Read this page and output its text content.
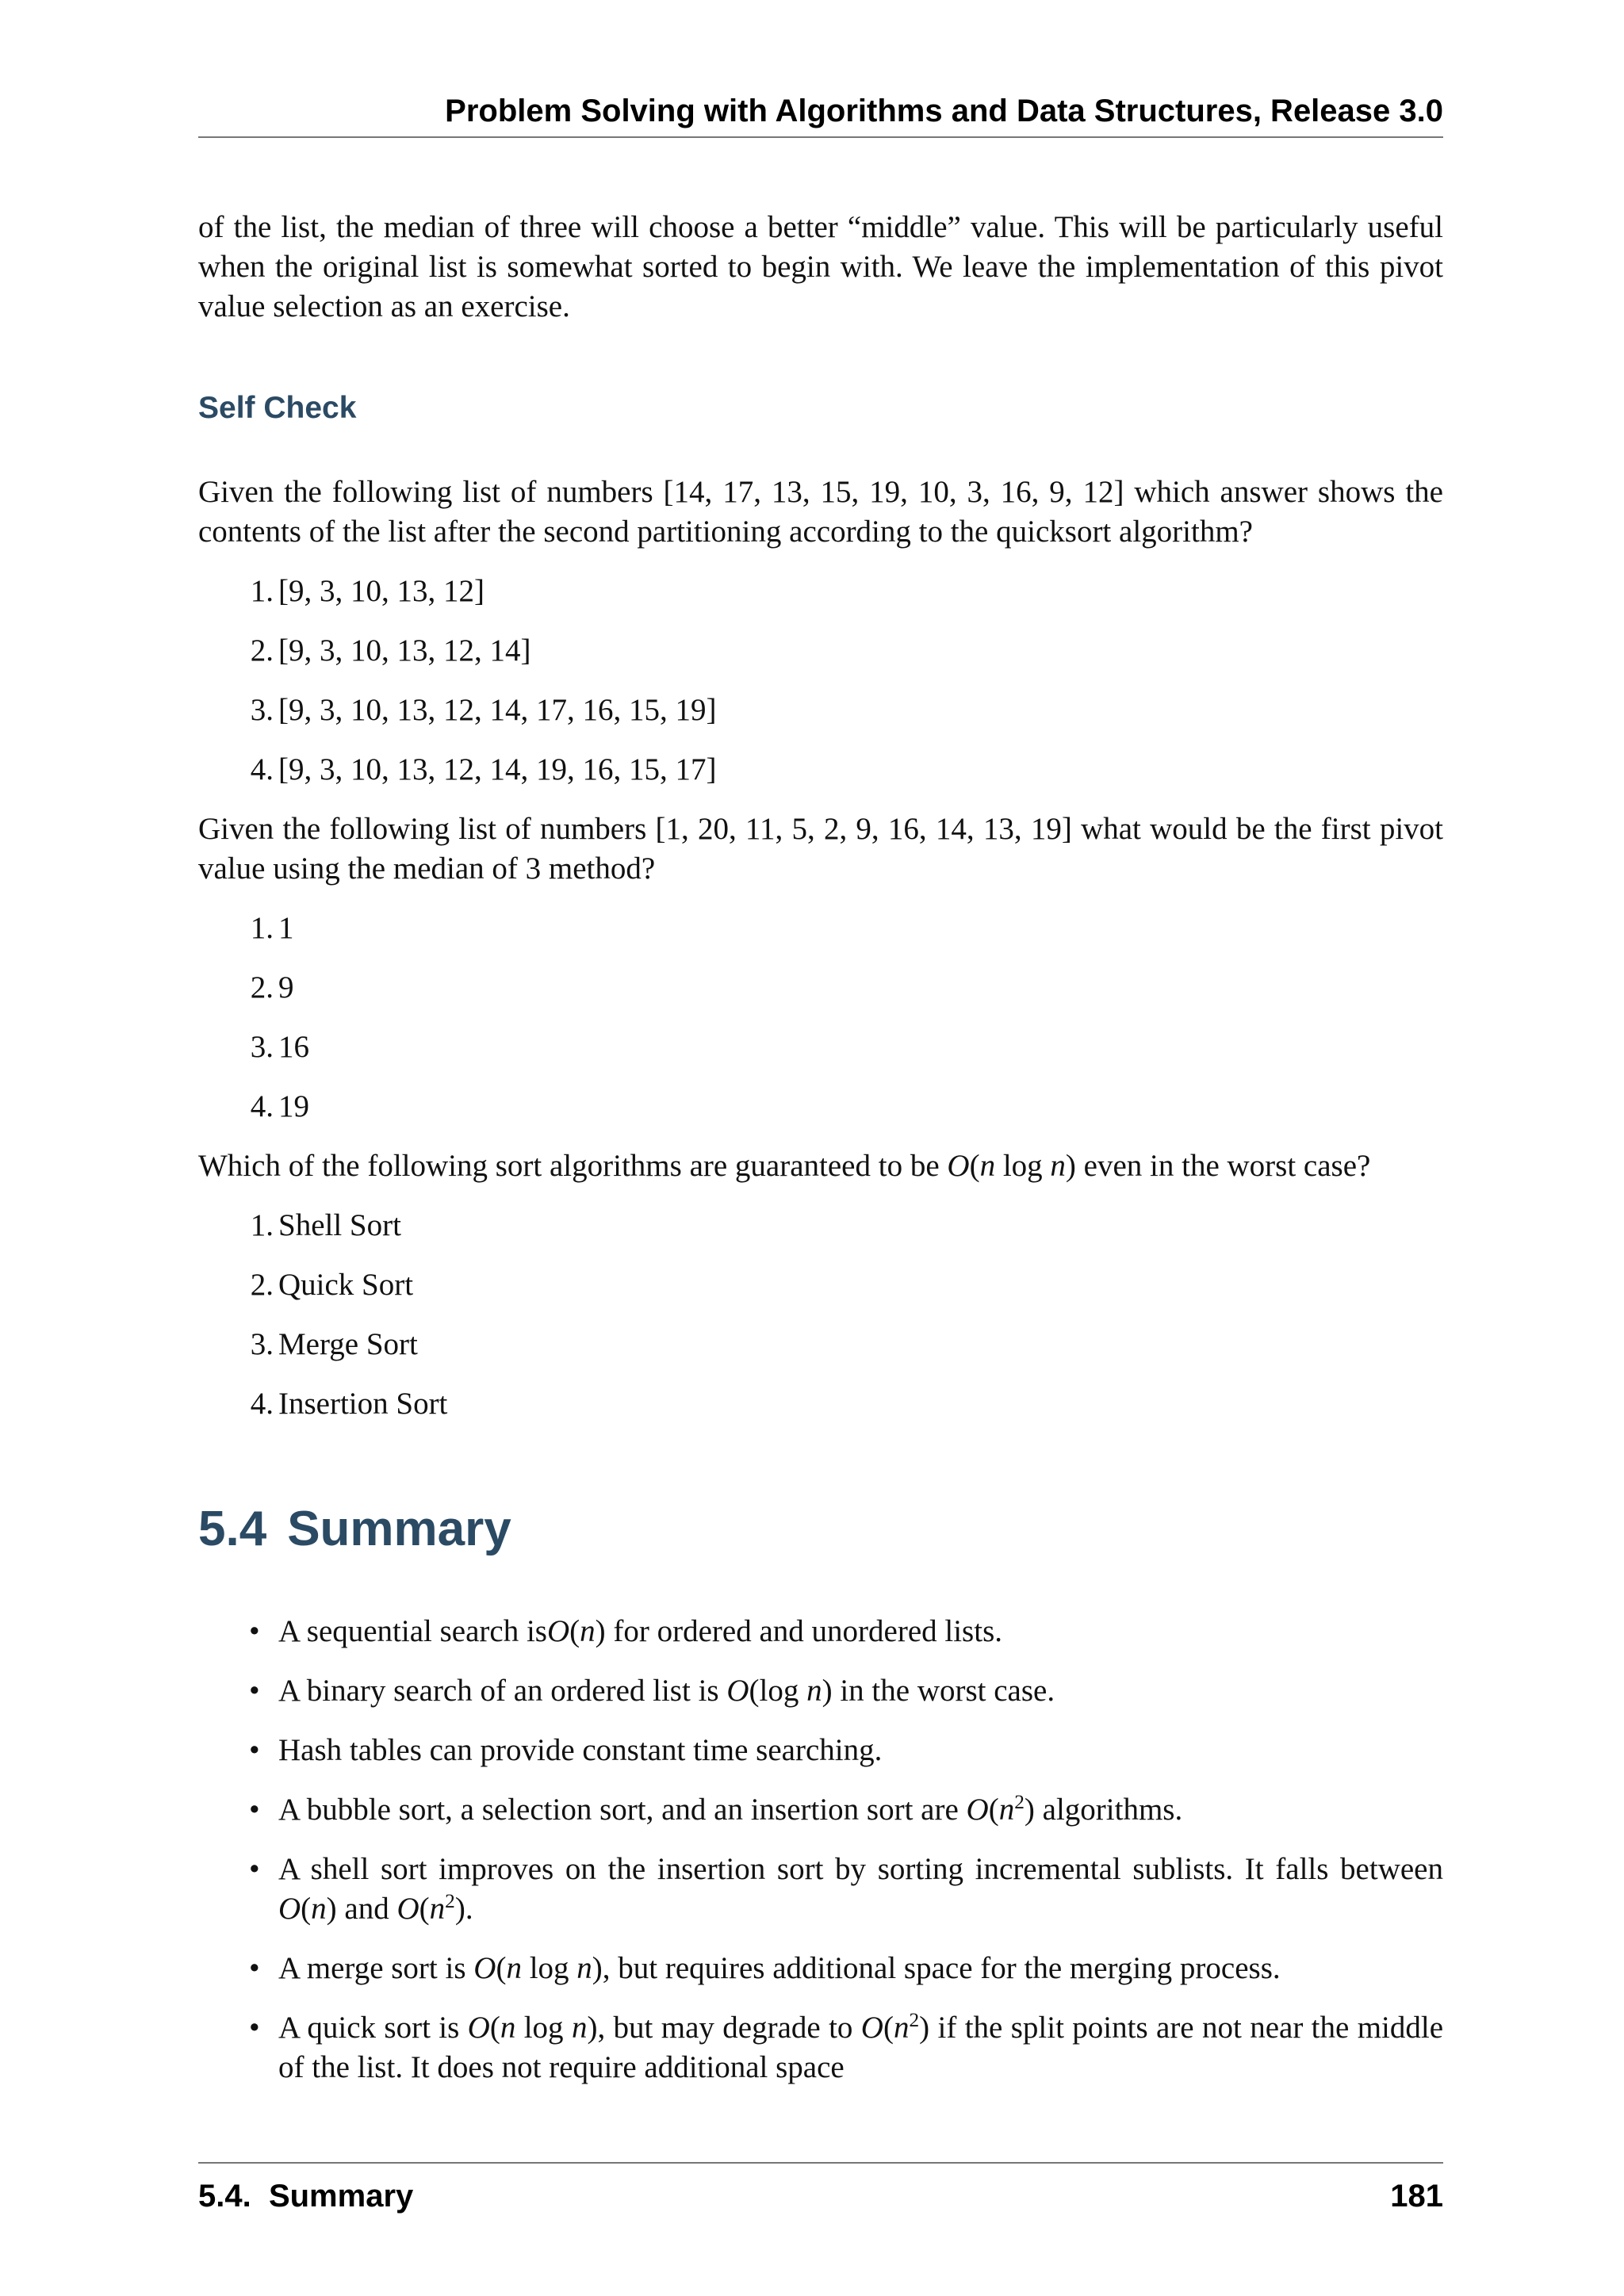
Problem Solving with Algorithms and Data Structures, Release 3.0

of the list, the median of three will choose a better “middle” value. This will be particularly useful when the original list is somewhat sorted to begin with. We leave the implementation of this pivot value selection as an exercise.

Self Check

Given the following list of numbers [14, 17, 13, 15, 19, 10, 3, 16, 9, 12] which answer shows the contents of the list after the second partitioning according to the quicksort algorithm?

1. [9, 3, 10, 13, 12]
2. [9, 3, 10, 13, 12, 14]
3. [9, 3, 10, 13, 12, 14, 17, 16, 15, 19]
4. [9, 3, 10, 13, 12, 14, 19, 16, 15, 17]

Given the following list of numbers [1, 20, 11, 5, 2, 9, 16, 14, 13, 19] what would be the first pivot value using the median of 3 method?

1. 1
2. 9
3. 16
4. 19

Which of the following sort algorithms are guaranteed to be O(n log n) even in the worst case?

1. Shell Sort
2. Quick Sort
3. Merge Sort
4. Insertion Sort
5.4 Summary
• A sequential search isO(n) for ordered and unordered lists.
• A binary search of an ordered list is O(log n) in the worst case.
• Hash tables can provide constant time searching.
• A bubble sort, a selection sort, and an insertion sort are $O(n^2)$ algorithms.
• A shell sort improves on the insertion sort by sorting incremental sublists. It falls between O(n) and $O(n^2)$.
• A merge sort is O(n log n), but requires additional space for the merging process.
• A quick sort is O(n log n), but may degrade to $O(n^2)$ if the split points are not near the middle of the list. It does not require additional space
5.4.  Summary	181
